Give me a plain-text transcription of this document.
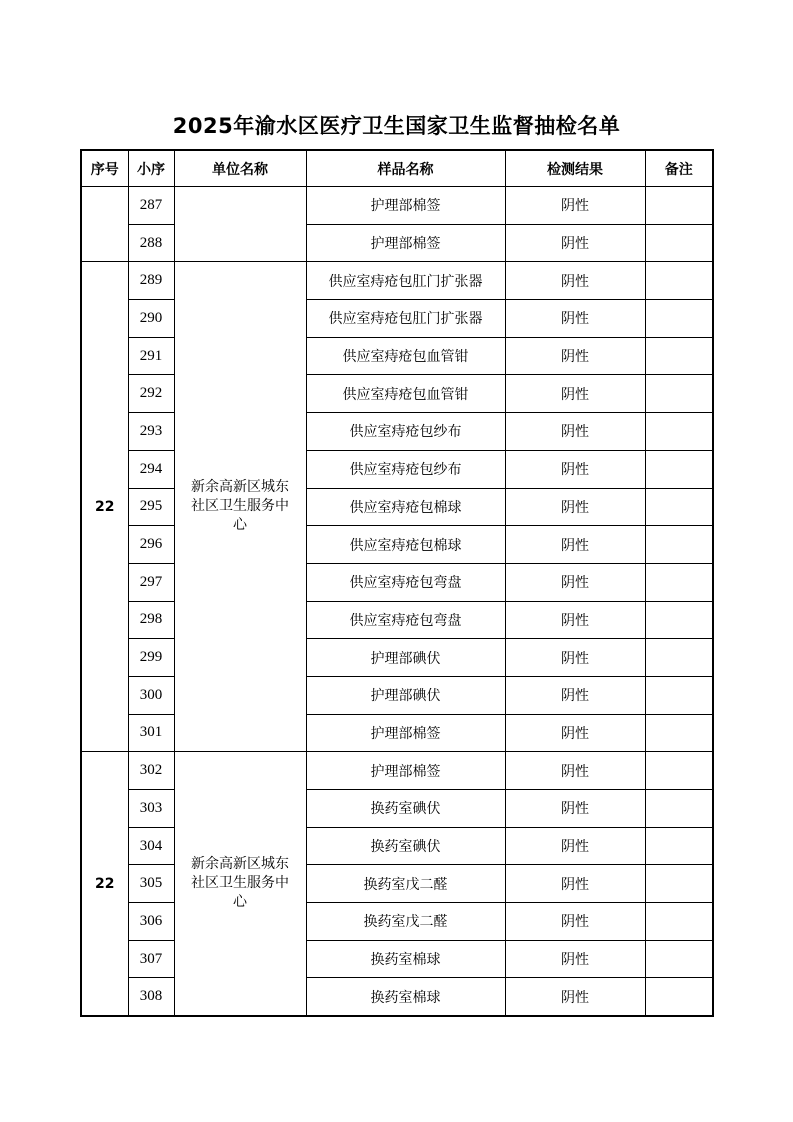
2025年渝水区医疗卫生国家卫生监督抽检名单
序号	小序	单位名称	样品名称	检测结果	备注
	287		护理部棉签	阴性	
	288		护理部棉签	阴性	
22	289	新余高新区城东
社区卫生服务中
心	供应室痔疮包肛门扩张器	阴性	
	290		供应室痔疮包肛门扩张器	阴性	
	291		供应室痔疮包血管钳	阴性	
	292		供应室痔疮包血管钳	阴性	
	293		供应室痔疮包纱布	阴性	
	294		供应室痔疮包纱布	阴性	
	295		供应室痔疮包棉球	阴性	
	296		供应室痔疮包棉球	阴性	
	297		供应室痔疮包弯盘	阴性	
	298		供应室痔疮包弯盘	阴性	
	299		护理部碘伏	阴性	
	300		护理部碘伏	阴性	
	301		护理部棉签	阴性	
22	302	新余高新区城东
社区卫生服务中
心	护理部棉签	阴性	
	303		换药室碘伏	阴性	
	304		换药室碘伏	阴性	
	305		换药室戊二醛	阴性	
	306		换药室戊二醛	阴性	
	307		换药室棉球	阴性	
	308		换药室棉球	阴性	
